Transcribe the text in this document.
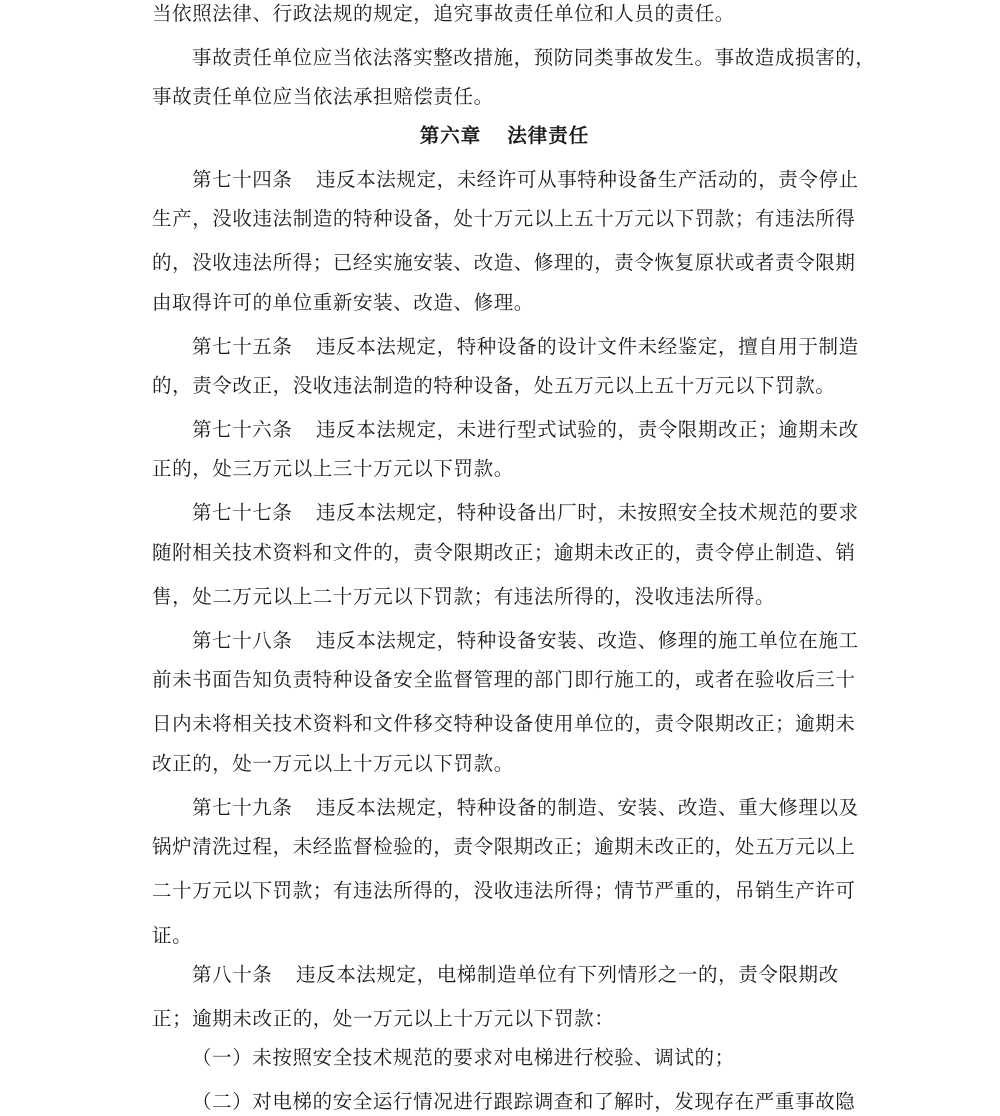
当依照法律、行政法规的规定，追究事故责任单位和人员的责任。
事故责任单位应当依法落实整改措施，预防同类事故发生。事故造成损害的，
事故责任单位应当依法承担赔偿责任。
第六章 法律责任
第七十四条 违反本法规定，未经许可从事特种设备生产活动的，责令停止
生产，没收违法制造的特种设备，处十万元以上五十万元以下罚款；有违法所得
的，没收违法所得；已经实施安装、改造、修理的，责令恢复原状或者责令限期
由取得许可的单位重新安装、改造、修理。
第七十五条 违反本法规定，特种设备的设计文件未经鉴定，擅自用于制造
的，责令改正，没收违法制造的特种设备，处五万元以上五十万元以下罚款。
第七十六条 违反本法规定，未进行型式试验的，责令限期改正；逾期未改
正的，处三万元以上三十万元以下罚款。
第七十七条 违反本法规定，特种设备出厂时，未按照安全技术规范的要求
随附相关技术资料和文件的，责令限期改正；逾期未改正的，责令停止制造、销
售，处二万元以上二十万元以下罚款；有违法所得的，没收违法所得。
第七十八条 违反本法规定，特种设备安装、改造、修理的施工单位在施工
前未书面告知负责特种设备安全监督管理的部门即行施工的，或者在验收后三十
日内未将相关技术资料和文件移交特种设备使用单位的，责令限期改正；逾期未
改正的，处一万元以上十万元以下罚款。
第七十九条 违反本法规定，特种设备的制造、安装、改造、重大修理以及
锅炉清洗过程，未经监督检验的，责令限期改正；逾期未改正的，处五万元以上
二十万元以下罚款；有违法所得的，没收违法所得；情节严重的，吊销生产许可
证。
第八十条 违反本法规定，电梯制造单位有下列情形之一的，责令限期改
正；逾期未改正的，处一万元以上十万元以下罚款：
（一）未按照安全技术规范的要求对电梯进行校验、调试的；
（二）对电梯的安全运行情况进行跟踪调查和了解时，发现存在严重事故隐
